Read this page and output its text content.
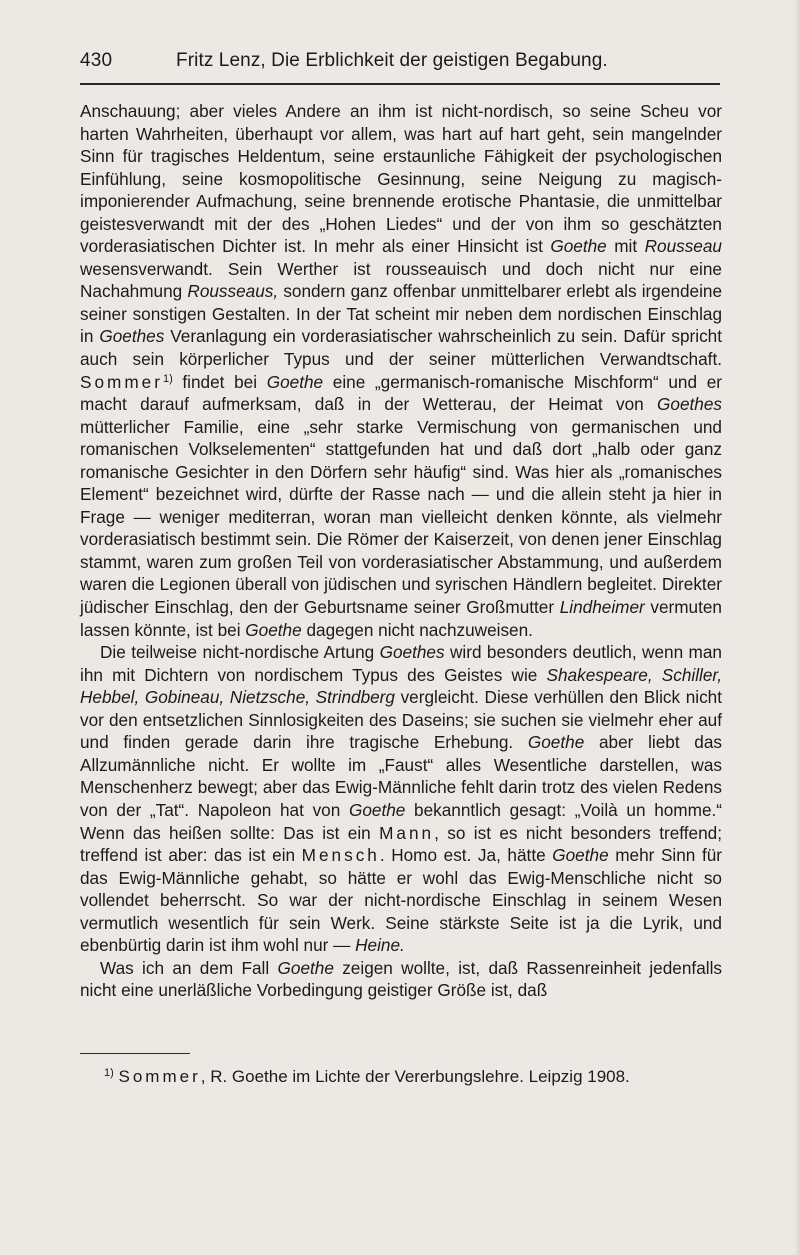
430	Fritz Lenz, Die Erblichkeit der geistigen Begabung.

Anschauung; aber vieles Andere an ihm ist nicht-nordisch, so seine Scheu vor harten Wahrheiten, überhaupt vor allem, was hart auf hart geht, sein mangelnder Sinn für tragisches Heldentum, seine erstaunliche Fähigkeit der psychologischen Einfühlung, seine kosmopolitische Gesinnung, seine Neigung zu magisch-imponierender Aufmachung, seine brennende erotische Phantasie, die unmittelbar geistesverwandt mit der des „Hohen Liedes“ und der von ihm so geschätzten vorderasiatischen Dichter ist. In mehr als einer Hinsicht ist Goethe mit Rousseau wesensverwandt. Sein Werther ist rousseauisch und doch nicht nur eine Nachahmung Rousseaus, sondern ganz offenbar unmittelbarer erlebt als irgendeine seiner sonstigen Gestalten. In der Tat scheint mir neben dem nordischen Einschlag in Goethes Veranlagung ein vorderasiatischer wahrscheinlich zu sein. Dafür spricht auch sein körperlicher Typus und der seiner mütterlichen Verwandtschaft. Sommer$^{1)}$ findet bei Goethe eine „germanisch-romanische Mischform“ und er macht darauf aufmerksam, daß in der Wetterau, der Heimat von Goethes mütterlicher Familie, eine „sehr starke Vermischung von germanischen und romanischen Volkselementen“ stattgefunden hat und daß dort „halb oder ganz romanische Gesichter in den Dörfern sehr häufig“ sind. Was hier als „romanisches Element“ bezeichnet wird, dürfte der Rasse nach — und die allein steht ja hier in Frage — weniger mediterran, woran man vielleicht denken könnte, als vielmehr vorderasiatisch bestimmt sein. Die Römer der Kaiserzeit, von denen jener Einschlag stammt, waren zum großen Teil von vorderasiatischer Abstammung, und außerdem waren die Legionen überall von jüdischen und syrischen Händlern begleitet. Direkter jüdischer Einschlag, den der Geburtsname seiner Großmutter Lindheimer vermuten lassen könnte, ist bei Goethe dagegen nicht nachzuweisen.

Die teilweise nicht-nordische Artung Goethes wird besonders deutlich, wenn man ihn mit Dichtern von nordischem Typus des Geistes wie Shakespeare, Schiller, Hebbel, Gobineau, Nietzsche, Strindberg vergleicht. Diese verhüllen den Blick nicht vor den entsetzlichen Sinnlosigkeiten des Daseins; sie suchen sie vielmehr eher auf und finden gerade darin ihre tragische Erhebung. Goethe aber liebt das Allzumännliche nicht. Er wollte im „Faust“ alles Wesentliche darstellen, was Menschenherz bewegt; aber das Ewig-Männliche fehlt darin trotz des vielen Redens von der „Tat“. Napoleon hat von Goethe bekanntlich gesagt: „Voilà un homme.“ Wenn das heißen sollte: Das ist ein Mann, so ist es nicht besonders treffend; treffend ist aber: das ist ein Mensch. Homo est. Ja, hätte Goethe mehr Sinn für das Ewig-Männliche gehabt, so hätte er wohl das Ewig-Menschliche nicht so vollendet beherrscht. So war der nicht-nordische Einschlag in seinem Wesen vermutlich wesentlich für sein Werk. Seine stärkste Seite ist ja die Lyrik, und ebenbürtig darin ist ihm wohl nur — Heine.

Was ich an dem Fall Goethe zeigen wollte, ist, daß Rassenreinheit jedenfalls nicht eine unerläßliche Vorbedingung geistiger Größe ist, daß

$^{1)}$ Sommer, R. Goethe im Lichte der Vererbungslehre. Leipzig 1908.
